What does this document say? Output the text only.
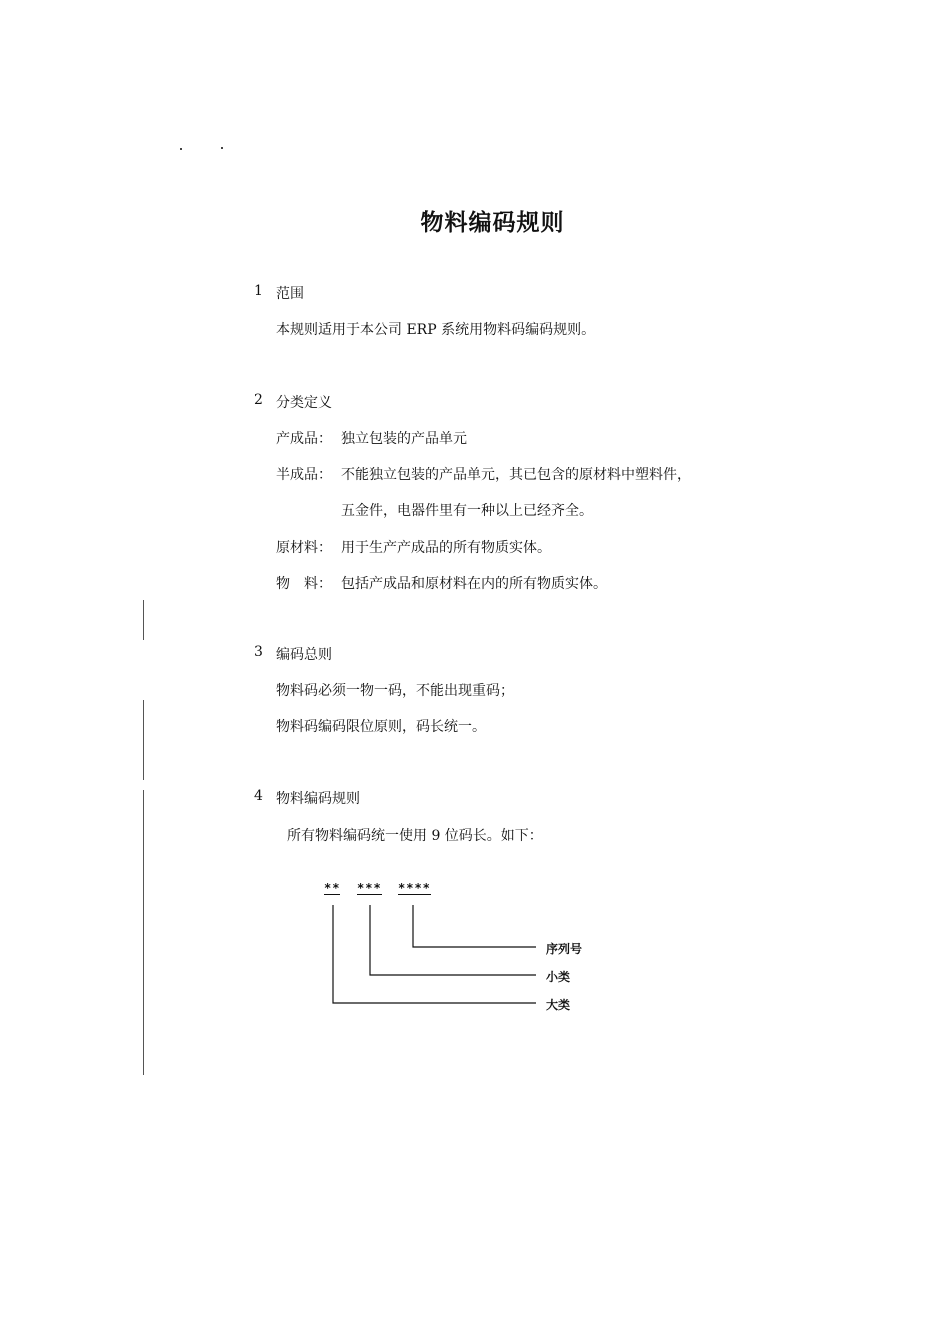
物料编码规则
1 范围
本规则适用于本公司 ERP 系统用物料码编码规则。
2 分类定义
产成品： 独立包装的产品单元
半成品： 不能独立包装的产品单元，其已包含的原材料中塑料件，
五金件，电器件里有一种以上已经齐全。
原材料： 用于生产产成品的所有物质实体。
物　料： 包括产成品和原材料在内的所有物质实体。
3 编码总则
物料码必须一物一码，不能出现重码；
物料码编码限位原则，码长统一。
4 物料编码规则
所有物料编码统一使用 9 位码长。如下：
** *** ****
序列号
小类
大类
